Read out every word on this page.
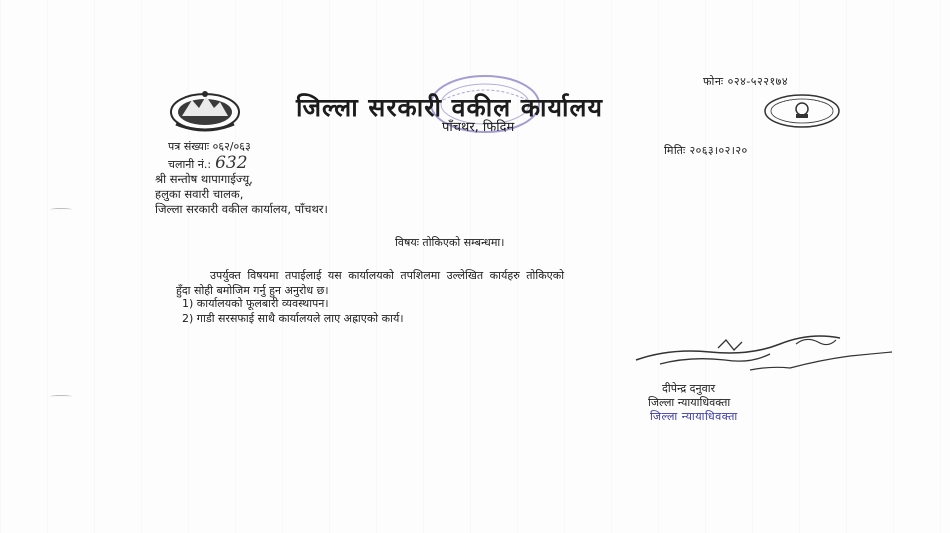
फोनः ०२४-५२२१७४
जिल्ला सरकारी वकील कार्यालय
पाँचथर, फिदिम
पत्र संख्याः ०६२/०६३
चलानी नं.: 632
मितिः २०६३।०२।२०
श्री सन्तोष थापागाईज्यू,
हलुका सवारी चालक,
जिल्ला सरकारी वकील कार्यालय, पाँचथर।
विषयः तोकिएको सम्बन्धमा।
उपर्युक्त विषयमा तपाईलाई यस कार्यालयको तपशिलमा उल्लेखित कार्यहरु तोकिएको
हुँदा सोही बमोजिम गर्नु हुन अनुरोध छ।
1) कार्यालयको फूलबारी व्यवस्थापन।
2) गाडी सरसफाई साथै कार्यालयले लाए अह्राएको कार्य।
दीपेन्द्र दनुवार
जिल्ला न्यायाधिवक्ता
जिल्ला न्यायाधिवक्ता
